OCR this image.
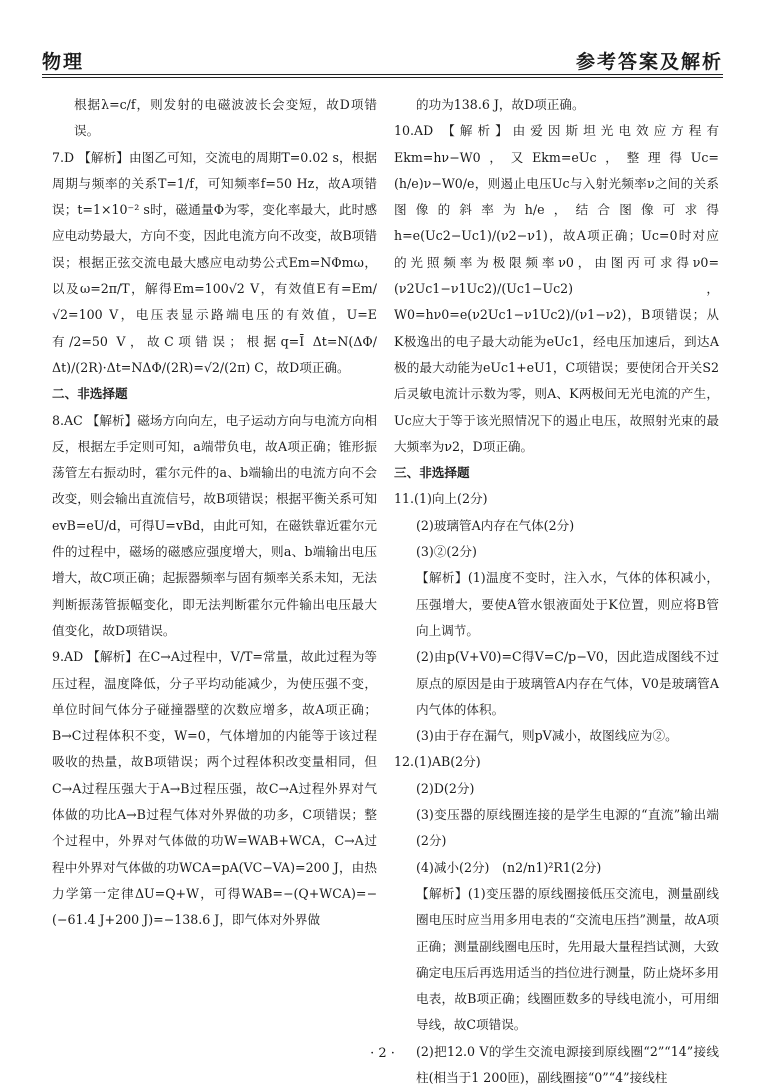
物理	参考答案及解析

根据λ=c/f，则发射的电磁波波长会变短，故D项错误。

7.D 【解析】由图乙可知，交流电的周期T=0.02 s，根据周期与频率的关系T=1/f，可知频率f=50 Hz，故A项错误；t=1×10⁻² s时，磁通量Φ为零，变化率最大，此时感应电动势最大，方向不变，因此电流方向不改变，故B项错误；根据正弦交流电最大感应电动势公式Em=NΦmω，以及ω=2π/T，解得Em=100√2 V，有效值E有=Em/√2=100 V，电压表显示路端电压的有效值，U=E有/2=50 V，故C项错误；根据q=Ī Δt=N(ΔΦ/Δt)/(2R)·Δt=NΔΦ/(2R)=√2/(2π) C，故D项正确。

二、非选择题

8.AC 【解析】磁场方向向左，电子运动方向与电流方向相反，根据左手定则可知，a端带负电，故A项正确；锥形振荡管左右振动时，霍尔元件的a、b端输出的电流方向不会改变，则会输出直流信号，故B项错误；根据平衡关系可知evB=eU/d，可得U=vBd，由此可知，在磁铁靠近霍尔元件的过程中，磁场的磁感应强度增大，则a、b端输出电压增大，故C项正确；起振器频率与固有频率关系未知，无法判断振荡管振幅变化，即无法判断霍尔元件输出电压最大值变化，故D项错误。

9.AD 【解析】在C→A过程中，V/T=常量，故此过程为等压过程，温度降低，分子平均动能减少，为使压强不变，单位时间气体分子碰撞器壁的次数应增多，故A项正确；B→C过程体积不变，W=0，气体增加的内能等于该过程吸收的热量，故B项错误；两个过程体积改变量相同，但C→A过程压强大于A→B过程压强，故C→A过程外界对气体做的功比A→B过程气体对外界做的功多，C项错误；整个过程中，外界对气体做的功W=WAB+WCA，C→A过程中外界对气体做的功WCA=pA(VC−VA)=200 J，由热力学第一定律ΔU=Q+W，可得WAB=−(Q+WCA)=−(−61.4 J+200 J)=−138.6 J，即气体对外界做

的功为138.6 J，故D项正确。

10.AD 【解析】由爱因斯坦光电效应方程有Ekm=hν−W0，又Ekm=eUc，整理得Uc=(h/e)ν−W0/e，则遏止电压Uc与入射光频率ν之间的关系图像的斜率为h/e，结合图像可求得h=e(Uc2−Uc1)/(ν2−ν1)，故A项正确；Uc=0时对应的光照频率为极限频率ν0，由图丙可求得ν0=(ν2Uc1−ν1Uc2)/(Uc1−Uc2)，W0=hν0=e(ν2Uc1−ν1Uc2)/(ν1−ν2)，B项错误；从K极逸出的电子最大动能为eUc1，经电压加速后，到达A极的最大动能为eUc1+eU1，C项错误；要使闭合开关S2后灵敏电流计示数为零，则A、K两极间无光电流的产生，Uc应大于等于该光照情况下的遏止电压，故照射光束的最大频率为ν2，D项正确。

三、非选择题

11.(1)向上(2分)

(2)玻璃管A内存在气体(2分)

(3)②(2分)

【解析】(1)温度不变时，注入水，气体的体积减小，压强增大，要使A管水银液面处于K位置，则应将B管向上调节。

(2)由p(V+V0)=C得V=C/p−V0，因此造成图线不过原点的原因是由于玻璃管A内存在气体，V0是玻璃管A内气体的体积。

(3)由于存在漏气，则pV减小，故图线应为②。

12.(1)AB(2分)

(2)D(2分)

(3)变压器的原线圈连接的是学生电源的“直流”输出端(2分)

(4)减小(2分)　(n2/n1)²R1(2分)

【解析】(1)变压器的原线圈接低压交流电，测量副线圈电压时应当用多用电表的“交流电压挡”测量，故A项正确；测量副线圈电压时，先用最大量程挡试测，大致确定电压后再选用适当的挡位进行测量，防止烧坏多用电表，故B项正确；线圈匝数多的导线电流小，可用细导线，故C项错误。

(2)把12.0 V的学生交流电源接到原线圈“2”“14”接线柱(相当于1 200匝)，副线圈接“0”“4”接线柱

· 2 ·
